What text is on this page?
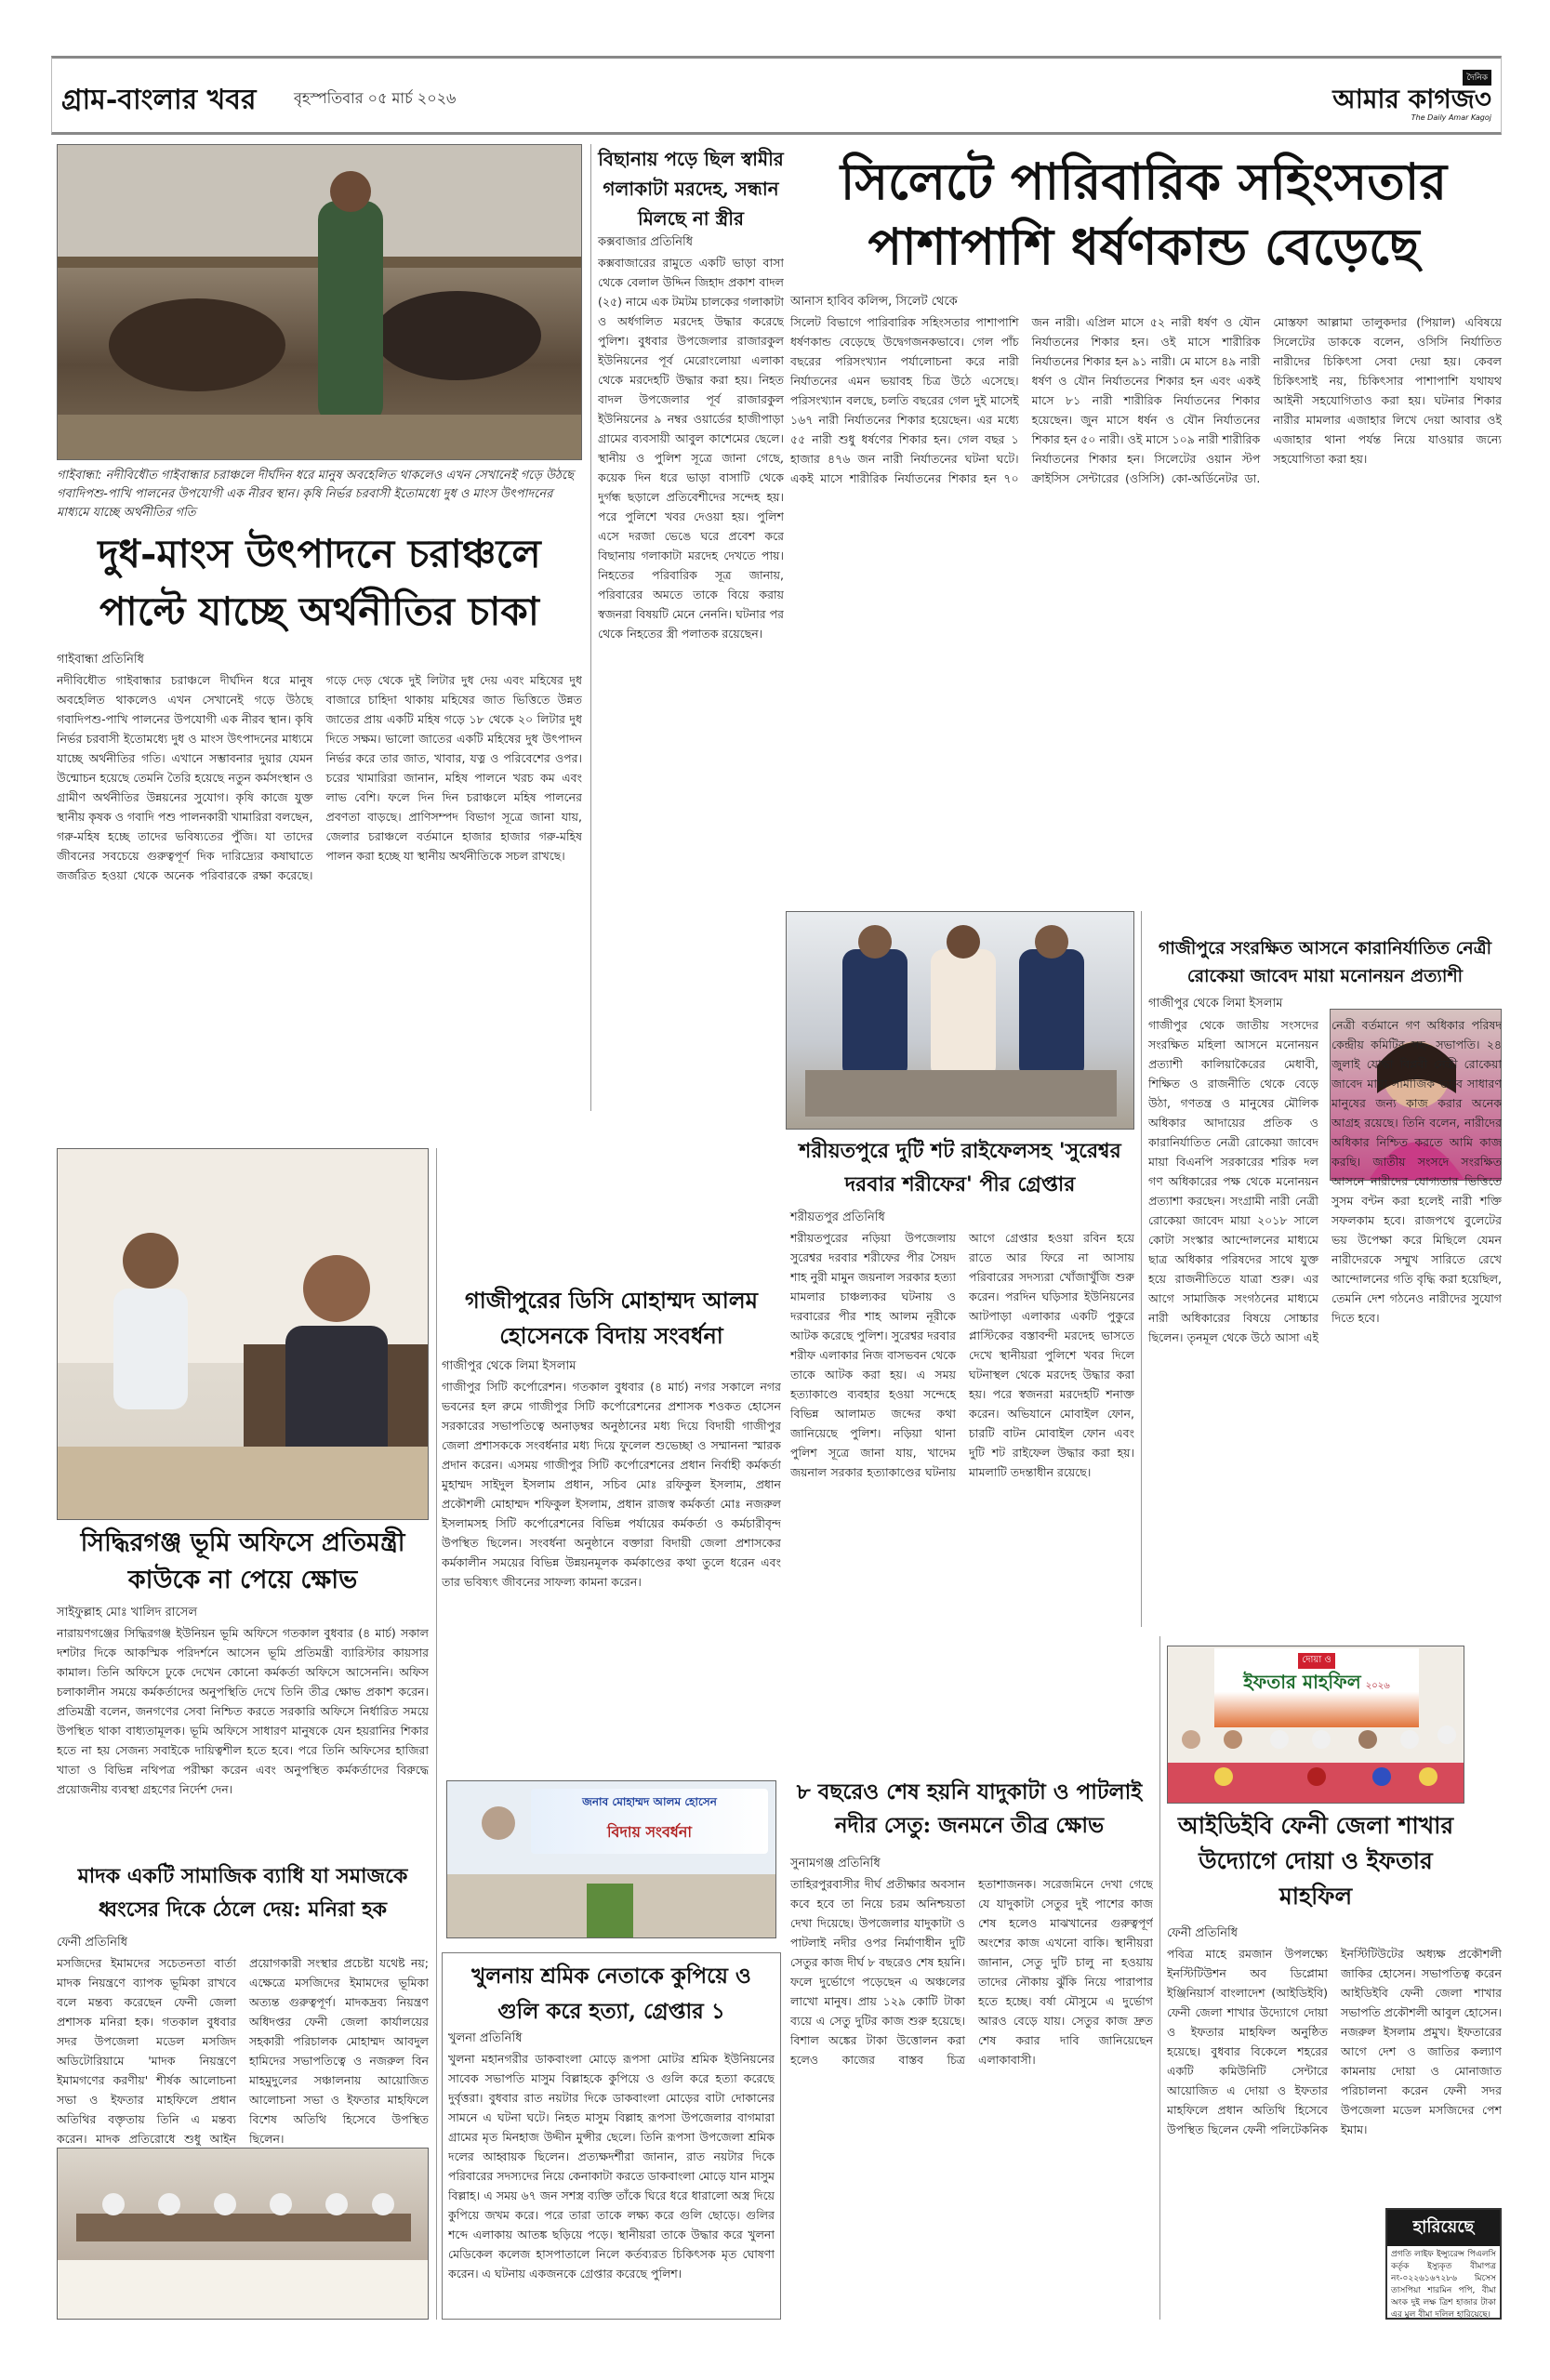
গ্রাম-বাংলার খবর	বৃহস্পতিবার ০৫ মার্চ ২০২৬
দৈনিক
আমার কাগজ৩
The Daily Amar Kagoj
গাইবান্ধা: নদীবিধৌত গাইবান্ধার চরাঞ্চলে দীর্ঘদিন ধরে মানুষ অবহেলিত থাকলেও এখন সেখানেই গড়ে উঠছে গবাদিপশু-পাখি পালনের উপযোগী এক নীরব স্থান। কৃষি নির্ভর চরবাসী ইতোমধ্যে দুধ ও মাংস উৎপাদনের মাধ্যমে যাচ্ছে অর্থনীতির গতি
দুধ-মাংস উৎপাদনে চরাঞ্চলে পাল্টে যাচ্ছে অর্থনীতির চাকা
গাইবান্ধা প্রতিনিধি
নদীবিধৌত গাইবান্ধার চরাঞ্চলে দীর্ঘদিন ধরে মানুষ অবহেলিত থাকলেও এখন সেখানেই গড়ে উঠছে গবাদিপশু-পাখি পালনের উপযোগী এক নীরব স্থান। কৃষি নির্ভর চরবাসী ইতোমধ্যে দুধ ও মাংস উৎপাদনের মাধ্যমে যাচ্ছে অর্থনীতির গতি। এখানে সম্ভাবনার দুয়ার যেমন উন্মোচন হয়েছে তেমনি তৈরি হয়েছে নতুন কর্মসংস্থান ও গ্রামীণ অর্থনীতির উন্নয়নের সুযোগ। কৃষি কাজে যুক্ত স্থানীয় কৃষক ও গবাদি পশু পালনকারী খামারিরা বলছেন, গরু-মহিষ হচ্ছে তাদের ভবিষ্যতের পুঁজি। যা তাদের জীবনের সবচেয়ে গুরুত্বপূর্ণ দিক দারিদ্র্যের কষাঘাতে জর্জরিত হওয়া থেকে অনেক পরিবারকে রক্ষা করেছে। গড়ে দেড় থেকে দুই লিটার দুধ দেয় এবং মহিষের দুধ বাজারে চাহিদা থাকায় মহিষের জাত ভিত্তিতে উন্নত জাতের প্রায় একটি মহিষ গড়ে ১৮ থেকে ২০ লিটার দুধ দিতে সক্ষম। ভালো জাতের একটি মহিষের দুধ উৎপাদন নির্ভর করে তার জাত, খাবার, যত্ন ও পরিবেশের ওপর। চরের খামারিরা জানান, মহিষ পালনে খরচ কম এবং লাভ বেশি। ফলে দিন দিন চরাঞ্চলে মহিষ পালনের প্রবণতা বাড়ছে। প্রাণিসম্পদ বিভাগ সূত্রে জানা যায়, জেলার চরাঞ্চলে বর্তমানে হাজার হাজার গরু-মহিষ পালন করা হচ্ছে যা স্থানীয় অর্থনীতিকে সচল রাখছে।
বিছানায় পড়ে ছিল স্বামীর গলাকাটা মরদেহ, সন্ধান মিলছে না স্ত্রীর
কক্সবাজার প্রতিনিধি
কক্সবাজারের রামুতে একটি ভাড়া বাসা থেকে বেলাল উদ্দিন জিহাদ প্রকাশ বাদল (২৫) নামে এক টমটম চালকের গলাকাটা ও অর্ধগলিত মরদেহ উদ্ধার করেছে পুলিশ। বুধবার উপজেলার রাজারকুল ইউনিয়নের পূর্ব মেরোংলোয়া এলাকা থেকে মরদেহটি উদ্ধার করা হয়। নিহত বাদল উপজেলার পূর্ব রাজারকুল ইউনিয়নের ৯ নম্বর ওয়ার্ডের হাজীপাড়া গ্রামের ব্যবসায়ী আবুল কাশেমের ছেলে। স্থানীয় ও পুলিশ সূত্রে জানা গেছে, কয়েক দিন ধরে ভাড়া বাসাটি থেকে দুর্গন্ধ ছড়ালে প্রতিবেশীদের সন্দেহ হয়। পরে পুলিশে খবর দেওয়া হয়। পুলিশ এসে দরজা ভেঙে ঘরে প্রবেশ করে বিছানায় গলাকাটা মরদেহ দেখতে পায়। নিহতের পরিবারিক সূত্র জানায়, পরিবারের অমতে তাকে বিয়ে করায় স্বজনরা বিষয়টি মেনে নেননি। ঘটনার পর থেকে নিহতের স্ত্রী পলাতক রয়েছেন।
সিলেটে পারিবারিক সহিংসতার পাশাপাশি ধর্ষণকান্ড বেড়েছে
আনাস হাবিব কলিন্স, সিলেট থেকে
সিলেট বিভাগে পারিবারিক সহিংসতার পাশাপাশি ধর্ষণকান্ড বেড়েছে উদ্বেগজনকভাবে। গেল পাঁচ বছরের পরিসংখ্যান পর্যালোচনা করে নারী নির্যাতনের এমন ভয়াবহ চিত্র উঠে এসেছে। পরিসংখ্যান বলছে, চলতি বছরের গেল দুই মাসেই ১৬৭ নারী নির্যাতনের শিকার হয়েছেন। এর মধ্যে ৫৫ নারী শুধু ধর্ষণের শিকার হন। গেল বছর ১ হাজার ৪৭৬ জন নারী নির্যাতনের ঘটনা ঘটে। একই মাসে শারীরিক নির্যাতনের শিকার হন ৭০ জন নারী। এপ্রিল মাসে ৫২ নারী ধর্ষণ ও যৌন নির্যাতনের শিকার হন। ওই মাসে শারীরিক নির্যাতনের শিকার হন ৯১ নারী। মে মাসে ৪৯ নারী ধর্ষণ ও যৌন নির্যাতনের শিকার হন এবং একই মাসে ৮১ নারী শারীরিক নির্যাতনের শিকার হয়েছেন। জুন মাসে ধর্ষন ও যৌন নির্যাতনের শিকার হন ৫০ নারী। ওই মাসে ১০৯ নারী শারীরিক নির্যাতনের শিকার হন। সিলেটের ওয়ান স্টপ ক্রাইসিস সেন্টারের (ওসিসি) কো-অর্ডিনেটর ডা. মোস্তফা আল্লামা তালুকদার (পিয়াল) এবিষয়ে সিলেটের ডাককে বলেন, ওসিসি নির্যাতিত নারীদের চিকিৎসা সেবা দেয়া হয়। কেবল চিকিৎসাই নয়, চিকিৎসার পাশাপাশি যথাযথ আইনী সহযোগিতাও করা হয়। ঘটনার শিকার নারীর মামলার এজাহার লিখে দেয়া আবার ওই এজাহার থানা পর্যন্ত নিয়ে যাওয়ার জন্যে সহযোগিতা করা হয়।
শরীয়তপুরে দুটি শট রাইফেলসহ 'সুরেশ্বর দরবার শরীফের' পীর গ্রেপ্তার
শরীয়তপুর প্রতিনিধি
শরীয়তপুরের নড়িয়া উপজেলায় সুরেশ্বর দরবার শরীফের পীর সৈয়দ শাহ নুরী মামুন জয়নাল সরকার হত্যা মামলার চাঞ্চল্যকর ঘটনায় ও দরবারের পীর শাহ আলম নূরীকে আটক করেছে পুলিশ। সুরেশ্বর দরবার শরীফ এলাকার নিজ বাসভবন থেকে তাকে আটক করা হয়। এ সময় হত্যাকাণ্ডে ব্যবহার হওয়া সন্দেহে বিভিন্ন আলামত জব্দের কথা জানিয়েছে পুলিশ। নড়িয়া থানা পুলিশ সূত্রে জানা যায়, খাদেম জয়নাল সরকার হত্যাকাণ্ডের ঘটনায় আগে গ্রেপ্তার হওয়া রবিন হয়ে রাতে আর ফিরে না আসায় পরিবারের সদস্যরা খোঁজাখুঁজি শুরু করেন। পরদিন ঘড়িসার ইউনিয়নের আটপাড়া এলাকার একটি পুকুরে প্লাস্টিকের বস্তাবন্দী মরদেহ ভাসতে দেখে স্থানীয়রা পুলিশে খবর দিলে ঘটনাস্থল থেকে মরদেহ উদ্ধার করা হয়। পরে স্বজনরা মরদেহটি শনাক্ত করেন। অভিযানে মোবাইল ফোন, চারটি বাটন মোবাইল ফোন এবং দুটি শট রাইফেল উদ্ধার করা হয়। মামলাটি তদন্তাধীন রয়েছে।
গাজীপুরে সংরক্ষিত আসনে কারানির্যাতিত নেত্রী রোকেয়া জাবেদ মায়া মনোনয়ন প্রত্যাশী
গাজীপুর থেকে লিমা ইসলাম
গাজীপুর থেকে জাতীয় সংসদের সংরক্ষিত মহিলা আসনে মনোনয়ন প্রত্যাশী কালিয়াকৈরের মেধাবী, শিক্ষিত ও রাজনীতি থেকে বেড়ে উঠা, গণতন্ত্র ও মানুষের মৌলিক অধিকার আদায়ের প্রতিক ও কারানির্যাতিত নেত্রী রোকেয়া জাবেদ মায়া বিএনপি সরকারের শরিক দল গণ অধিকারের পক্ষ থেকে মনোনয়ন প্রত্যাশা করছেন। সংগ্রামী নারী নেত্রী রোকেয়া জাবেদ মায়া ২০১৮ সালে কোটা সংস্কার আন্দোলনের মাধ্যমে ছাত্র অধিকার পরিষদের সাথে যুক্ত হয়ে রাজনীতিতে যাত্রা শুরু। এর আগে সামাজিক সংগঠনের মাধ্যমে নারী অধিকারের বিষয়ে সোচ্চার ছিলেন। তৃনমূল থেকে উঠে আসা এই নেত্রী বর্তমানে গণ অধিকার পরিষদ কেন্দ্রীয় কমিটির সহ- সভাপতি। ২৪ জুলাই যোদ্ধা বিপ্লবী নেত্রী রোকেয়া জাবেদ মায়া সামাজিক ভাবে সাধারণ মানুষের জন্য কাজ করার অনেক আগ্রহ রয়েছে। তিনি বলেন, নারীদের অধিকার নিশ্চিত করতে আমি কাজ করছি। জাতীয় সংসদে সংরক্ষিত আসনে নারীদের যোগ্যতার ভিত্তিতে সুসম বন্টন করা হলেই নারী শক্তি সফলকাম হবে। রাজপথে বুলেটের ভয় উপেক্ষা করে মিছিলে যেমন নারীদেরকে সম্মুখ সারিতে রেখে আন্দোলনের গতি বৃদ্ধি করা হয়েছিল, তেমনি দেশ গঠনেও নারীদের সুযোগ দিতে হবে।
সিদ্ধিরগঞ্জ ভূমি অফিসে প্রতিমন্ত্রী কাউকে না পেয়ে ক্ষোভ
সাইফুল্লাহ মোঃ খালিদ রাসেল
নারায়ণগঞ্জের সিদ্ধিরগঞ্জ ইউনিয়ন ভূমি অফিসে গতকাল বুধবার (৪ মার্চ) সকাল দশটার দিকে আকস্মিক পরিদর্শনে আসেন ভূমি প্রতিমন্ত্রী ব্যারিস্টার কায়সার কামাল। তিনি অফিসে ঢুকে দেখেন কোনো কর্মকর্তা অফিসে আসেননি। অফিস চলাকালীন সময়ে কর্মকর্তাদের অনুপস্থিতি দেখে তিনি তীব্র ক্ষোভ প্রকাশ করেন। প্রতিমন্ত্রী বলেন, জনগণের সেবা নিশ্চিত করতে সরকারি অফিসে নির্ধারিত সময়ে উপস্থিত থাকা বাধ্যতামূলক। ভূমি অফিসে সাধারণ মানুষকে যেন হয়রানির শিকার হতে না হয় সেজন্য সবাইকে দায়িত্বশীল হতে হবে। পরে তিনি অফিসের হাজিরা খাতা ও বিভিন্ন নথিপত্র পরীক্ষা করেন এবং অনুপস্থিত কর্মকর্তাদের বিরুদ্ধে প্রয়োজনীয় ব্যবস্থা গ্রহণের নির্দেশ দেন।
মাদক একটি সামাজিক ব্যাধি যা সমাজকে ধ্বংসের দিকে ঠেলে দেয়: মনিরা হক
ফেনী প্রতিনিধি
মসজিদের ইমামদের সচেতনতা বার্তা মাদক নিয়ন্ত্রণে ব্যাপক ভূমিকা রাখবে বলে মন্তব্য করেছেন ফেনী জেলা প্রশাসক মনিরা হক। গতকাল বুধবার সদর উপজেলা মডেল মসজিদ অডিটোরিয়ামে 'মাদক নিয়ন্ত্রণে ইমামগণের করণীয়' শীর্ষক আলোচনা সভা ও ইফতার মাহফিলে প্রধান অতিথির বক্তৃতায় তিনি এ মন্তব্য করেন। মাদক প্রতিরোধে শুধু আইন প্রয়োগকারী সংস্থার প্রচেষ্টা যথেষ্ট নয়; এক্ষেত্রে মসজিদের ইমামদের ভূমিকা অত্যন্ত গুরুত্বপূর্ণ। মাদকদ্রব্য নিয়ন্ত্রণ অধিদপ্তর ফেনী জেলা কার্যালয়ের সহকারী পরিচালক মোহাম্মদ আবদুল হামিদের সভাপতিত্বে ও নজরুল বিন মাহমুদুলের সঞ্চালনায় আয়োজিত আলোচনা সভা ও ইফতার মাহফিলে বিশেষ অতিথি হিসেবে উপস্থিত ছিলেন।
গাজীপুরের ডিসি মোহাম্মদ আলম হোসেনকে বিদায় সংবর্ধনা
গাজীপুর থেকে লিমা ইসলাম
গাজীপুর সিটি কর্পোরেশন। গতকাল বুধবার (৪ মার্চ) নগর সকালে নগর ভবনের হল রুমে গাজীপুর সিটি কর্পোরেশনের প্রশাসক শওকত হোসেন সরকারের সভাপতিত্বে অনাড়ম্বর অনুষ্ঠানের মধ্য দিয়ে বিদায়ী গাজীপুর জেলা প্রশাসককে সংবর্ধনার মধ্য দিয়ে ফুলেল শুভেচ্ছা ও সম্মাননা স্মারক প্রদান করেন। এসময় গাজীপুর সিটি কর্পোরেশনের প্রধান নির্বাহী কর্মকর্তা মুহাম্মদ সাইদুল ইসলাম প্রধান, সচিব মোঃ রফিকুল ইসলাম, প্রধান প্রকৌশলী মোহাম্মদ শফিকুল ইসলাম, প্রধান রাজস্ব কর্মকর্তা মোঃ নজরুল ইসলামসহ সিটি কর্পোরেশনের বিভিন্ন পর্যায়ের কর্মকর্তা ও কর্মচারীবৃন্দ উপস্থিত ছিলেন। সংবর্ধনা অনুষ্ঠানে বক্তারা বিদায়ী জেলা প্রশাসকের কর্মকালীন সময়ের বিভিন্ন উন্নয়নমূলক কর্মকাণ্ডের কথা তুলে ধরেন এবং তার ভবিষ্যৎ জীবনের সাফল্য কামনা করেন।
জনাব মোহাম্মদ আলম হোসেন
বিদায় সংবর্ধনা
খুলনায় শ্রমিক নেতাকে কুপিয়ে ও গুলি করে হত্যা, গ্রেপ্তার ১
খুলনা প্রতিনিধি
খুলনা মহানগরীর ডাকবাংলা মোড়ে রূপসা মোটর শ্রমিক ইউনিয়নের সাবেক সভাপতি মাসুম বিল্লাহকে কুপিয়ে ও গুলি করে হত্যা করেছে দুর্বৃত্তরা। বুধবার রাত নয়টার দিকে ডাকবাংলা মোড়ের বাটা দোকানের সামনে এ ঘটনা ঘটে। নিহত মাসুম বিল্লাহ রূপসা উপজেলার বাগমারা গ্রামের মৃত মিনহাজ উদ্দীন মুন্সীর ছেলে। তিনি রূপসা উপজেলা শ্রমিক দলের আহ্বায়ক ছিলেন। প্রত্যক্ষদর্শীরা জানান, রাত নয়টার দিকে পরিবারের সদস্যদের নিয়ে কেনাকাটা করতে ডাকবাংলা মোড়ে যান মাসুম বিল্লাহ। এ সময় ৬৭ জন সশস্ত্র ব্যক্তি তাঁকে ঘিরে ধরে ধারালো অস্ত্র দিয়ে কুপিয়ে জখম করে। পরে তারা তাকে লক্ষ্য করে গুলি ছোড়ে। গুলির শব্দে এলাকায় আতঙ্ক ছড়িয়ে পড়ে। স্থানীয়রা তাকে উদ্ধার করে খুলনা মেডিকেল কলেজ হাসপাতালে নিলে কর্তব্যরত চিকিৎসক মৃত ঘোষণা করেন। এ ঘটনায় একজনকে গ্রেপ্তার করেছে পুলিশ।
৮ বছরেও শেষ হয়নি যাদুকাটা ও পাটলাই নদীর সেতু: জনমনে তীব্র ক্ষোভ
সুনামগঞ্জ প্রতিনিধি
তাহিরপুরবাসীর দীর্ঘ প্রতীক্ষার অবসান কবে হবে তা নিয়ে চরম অনিশ্চয়তা দেখা দিয়েছে। উপজেলার যাদুকাটা ও পাটলাই নদীর ওপর নির্মাণাধীন দুটি সেতুর কাজ দীর্ঘ ৮ বছরেও শেষ হয়নি। ফলে দুর্ভোগে পড়েছেন এ অঞ্চলের লাখো মানুষ। প্রায় ১২৯ কোটি টাকা ব্যয়ে এ সেতু দুটির কাজ শুরু হয়েছে। বিশাল অঙ্কের টাকা উত্তোলন করা হলেও কাজের বাস্তব চিত্র হতাশাজনক। সরেজমিনে দেখা গেছে যে যাদুকাটা সেতুর দুই পাশের কাজ শেষ হলেও মাঝখানের গুরুত্বপূর্ণ অংশের কাজ এখনো বাকি। স্থানীয়রা জানান, সেতু দুটি চালু না হওয়ায় তাদের নৌকায় ঝুঁকি নিয়ে পারাপার হতে হচ্ছে। বর্ষা মৌসুমে এ দুর্ভোগ আরও বেড়ে যায়। সেতুর কাজ দ্রুত শেষ করার দাবি জানিয়েছেন এলাকাবাসী।
দোয়া ও
ইফতার মাহফিল ২০২৬
আইডিইবি ফেনী জেলা শাখার উদ্যোগে দোয়া ও ইফতার মাহফিল
ফেনী প্রতিনিধি
পবিত্র মাহে রমজান উপলক্ষ্যে ইনস্টিটিউশন অব ডিপ্লোমা ইঞ্জিনিয়ার্স বাংলাদেশ (আইডিইবি) ফেনী জেলা শাখার উদ্যোগে দোয়া ও ইফতার মাহফিল অনুষ্ঠিত হয়েছে। বুধবার বিকেলে শহরের একটি কমিউনিটি সেন্টারে আয়োজিত এ দোয়া ও ইফতার মাহফিলে প্রধান অতিথি হিসেবে উপস্থিত ছিলেন ফেনী পলিটেকনিক ইনস্টিটিউটের অধ্যক্ষ প্রকৌশলী জাকির হোসেন। সভাপতিত্ব করেন আইডিইবি ফেনী জেলা শাখার সভাপতি প্রকৌশলী আবুল হোসেন। নজরুল ইসলাম প্রমুখ। ইফতারের আগে দেশ ও জাতির কল্যাণ কামনায় দোয়া ও মোনাজাত পরিচালনা করেন ফেনী সদর উপজেলা মডেল মসজিদের পেশ ইমাম।
হারিয়েছে
প্রগতি লাইফ ইন্স্যুরেন্স পিএলসি কর্তৃক ইস্যুকৃত বীমাপত্র নং-০২২৬১৬৭২৮৬ মিসেস তাসপিয়া শারমিন পপি, বীমা অংক দুই লক্ষ ত্রিশ হাজার টাকা এর মুল বীমা দলিল হারিয়েছে।
